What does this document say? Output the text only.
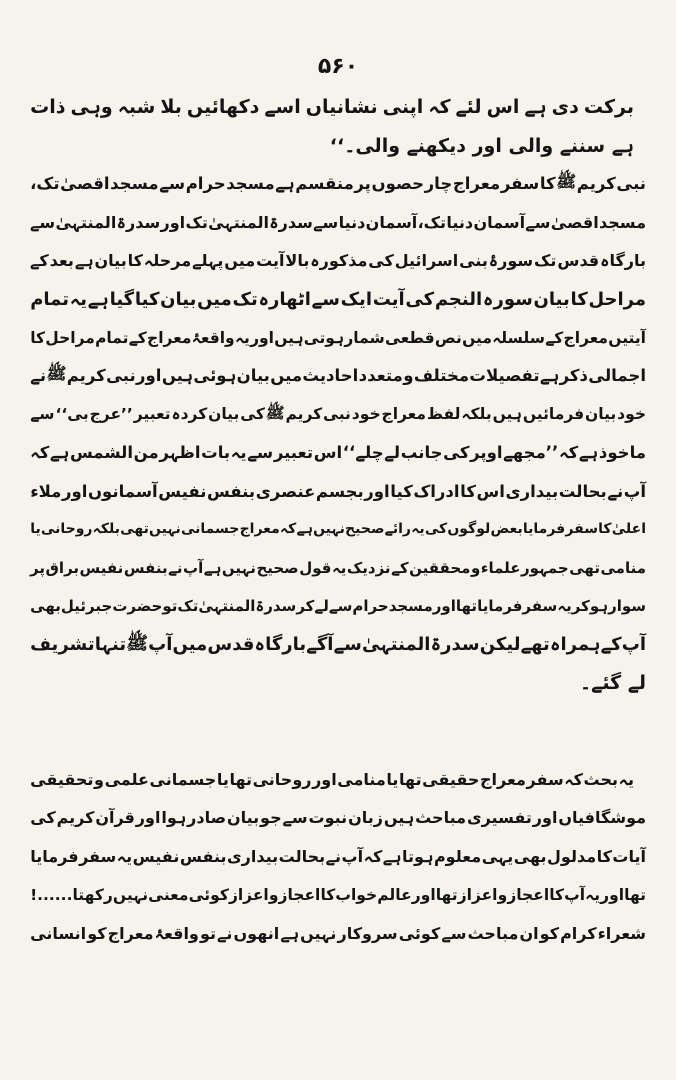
۵۶۰
برکت
دی
ہے
اس
لئے
کہ
اپنی
نشانیاں
اسے
دکھائیں
بلا
شبہ
وہی
ذات
ہے سننے والی اور دیکھنے والی۔‘‘
نبی
کریم
ﷺ
کا
سفر
معراج
چار
حصوں
پر
منقسم
ہے
مسجد
حرام
سے
مسجد
اقصیٰ
تک،
مسجد
اقصیٰ
سے
آسمان
دنیا
تک،
آسمان
دنیا
سے
سدرۃ
المنتہیٰ
تک
اور
سدرۃ
المنتہیٰ
سے
بارگاہ
قدس
تک
سورۂ
بنی
اسرائیل
کی
مذکورہ
بالا
آیت
میں
پہلے
مرحلہ
کا
بیان
ہے
بعد
کے
مراحل
کا
بیان
سورہ
النجم
کی
آیت
ایک
سے
اٹھارہ
تک
میں
بیان
کیا
گیا
ہے
یہ
تمام
آیتیں
معراج
کے
سلسلہ
میں
نص
قطعی
شمار
ہوتی
ہیں
اور
یہ
واقعۂ
معراج
کے
تمام
مراحل
کا
اجمالی
ذکر
ہے
تفصیلات
مختلف
و
متعدد
احادیث
میں
بیان
ہوئی
ہیں
اور
نبی
کریم
ﷺ
نے
خود
بیان
فرمائیں
ہیں
بلکہ
لفظ
معراج
خود
نبی
کریم
ﷺ
کی
بیان
کردہ
تعبیر
’’عرج
بی‘‘
سے
ماخوذ
ہے
کہ
’’مجھے
اوپر
کی
جانب
لے
چلے‘‘
اس
تعبیر
سے
یہ
بات
اظہر
من
الشمس
ہے
کہ
آپ
نے
بحالت
بیداری
اس
کا
ادراک
کیا
اور
بجسم
عنصری
بنفس
نفیس
آسمانوں
اور
ملاء
اعلیٰ
کا
سفر
فرمایا
بعض
لوگوں
کی
یہ
رائے
صحیح
نہیں
ہے
کہ
معراج
جسمانی
نہیں
تھی
بلکہ
روحانی
یا
منامی
تھی
جمہور
علماء
و
محققین
کے
نزدیک
یہ
قول
صحیح
نہیں
ہے
آپ
نے
بنفس
نفیس
براق
پر
سوار
ہو
کر
یہ
سفر
فرمایا
تھا
اور
مسجد
حرام
سے
لے
کر
سدرۃ
المنتہیٰ
تک
تو
حضرت
جبرئیل
بھی
آپ
کے
ہمراہ
تھے
لیکن
سدرۃ
المنتہیٰ
سے
آگے
بارگاہ
قدس
میں
آپ
ﷺ
تنہا
تشریف
لے گئے۔
یہ
بحث
کہ
سفر
معراج
حقیقی
تھا
یا
منامی
اور
روحانی
تھا
یا
جسمانی
علمی
و
تحقیقی
موشگافیاں
اور
تفسیری
مباحث
ہیں
زبان
نبوت
سے
جو
بیان
صادر
ہوا
اور
قرآن
کریم
کی
آیات
کا
مدلول
بھی
یہی
معلوم
ہوتا
ہے
کہ
آپ
نے
بحالت
بیداری
بنفس
نفیس
یہ
سفر
فرمایا
تھا
اور
یہ
آپ
کا
اعجاز
و
اعزاز
تھا
اور
عالم
خواب
کا
اعجاز
و
اعزاز
کوئی
معنی
نہیں
رکھتا......!
شعراء
کرام
کو
ان
مباحث
سے
کوئی
سروکار
نہیں
ہے
انھوں
نے
تو
واقعۂ
معراج
کو
انسانی
